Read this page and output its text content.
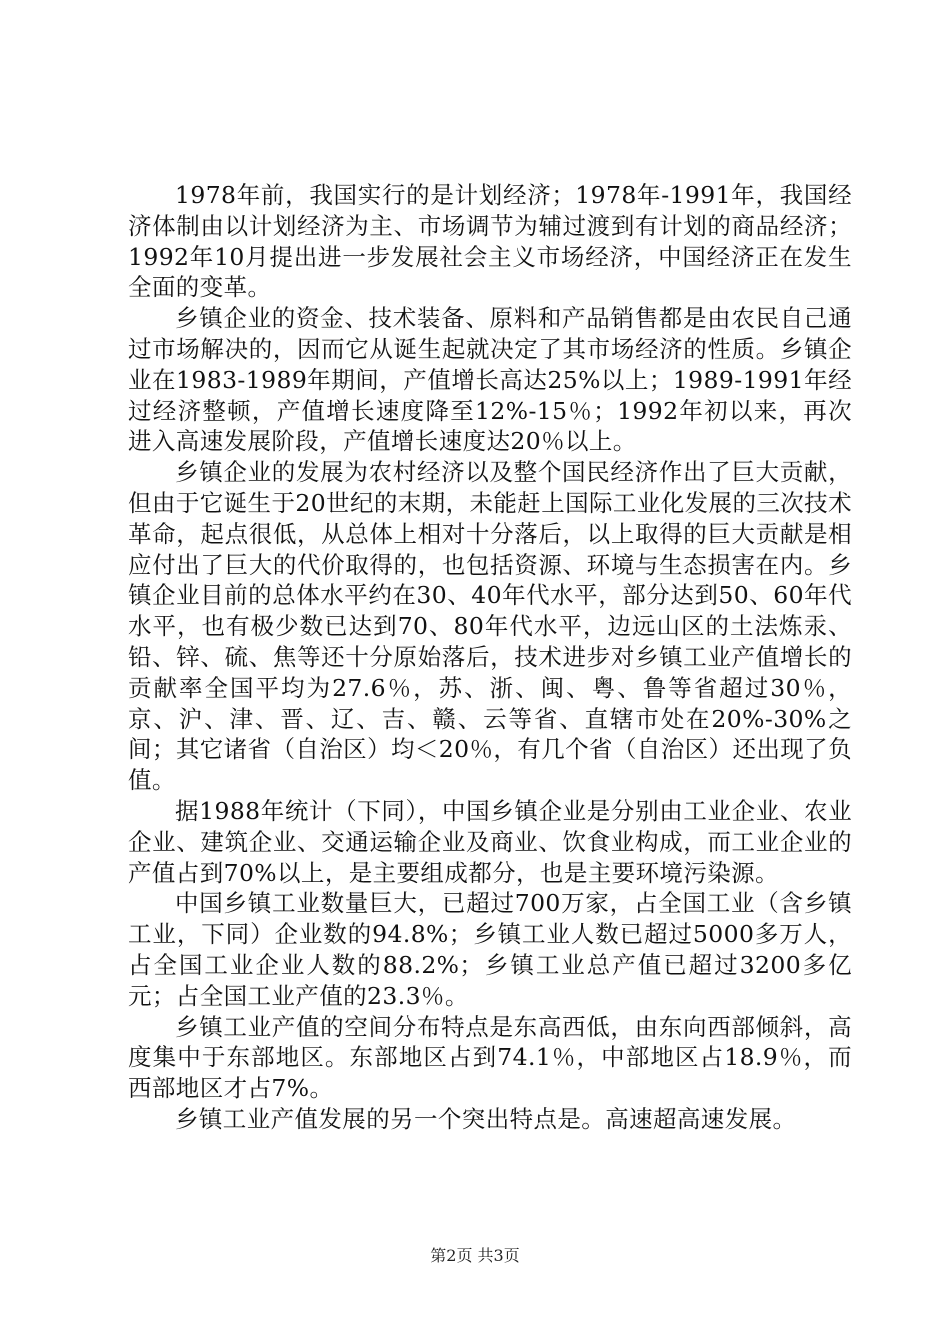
1978年前，我国实行的是计划经济；1978年-1991年，我国经济体制由以计划经济为主、市场调节为辅过渡到有计划的商品经济；1992年10月提出进一步发展社会主义市场经济，中国经济正在发生全面的变革。

乡镇企业的资金、技术装备、原料和产品销售都是由农民自己通过市场解决的，因而它从诞生起就决定了其市场经济的性质。乡镇企业在1983-1989年期间，产值增长高达25%以上；1989-1991年经过经济整顿，产值增长速度降至12%-15％；1992年初以来，再次进入高速发展阶段，产值增长速度达20％以上。

乡镇企业的发展为农村经济以及整个国民经济作出了巨大贡献，但由于它诞生于20世纪的末期，未能赶上国际工业化发展的三次技术革命，起点很低，从总体上相对十分落后，以上取得的巨大贡献是相应付出了巨大的代价取得的，也包括资源、环境与生态损害在内。乡镇企业目前的总体水平约在30、40年代水平，部分达到50、60年代水平，也有极少数已达到70、80年代水平，边远山区的土法炼汞、铅、锌、硫、焦等还十分原始落后，技术进步对乡镇工业产值增长的贡献率全国平均为27.6％，苏、浙、闽、粤、鲁等省超过30％，京、沪、津、晋、辽、吉、赣、云等省、直辖市处在20%-30%之间；其它诸省（自治区）均＜20％，有几个省（自治区）还出现了负值。

据1988年统计（下同），中国乡镇企业是分别由工业企业、农业企业、建筑企业、交通运输企业及商业、饮食业构成，而工业企业的产值占到70%以上，是主要组成都分，也是主要环境污染源。

中国乡镇工业数量巨大，已超过700万家，占全国工业（含乡镇工业，下同）企业数的94.8%；乡镇工业人数已超过5000多万人，占全国工业企业人数的88.2%；乡镇工业总产值已超过3200多亿元；占全国工业产值的23.3％。

乡镇工业产值的空间分布特点是东高西低，由东向西部倾斜，高度集中于东部地区。东部地区占到74.1％，中部地区占18.9％，而西部地区才占7%。

乡镇工业产值发展的另一个突出特点是。高速超高速发展。

第2页 共3页
